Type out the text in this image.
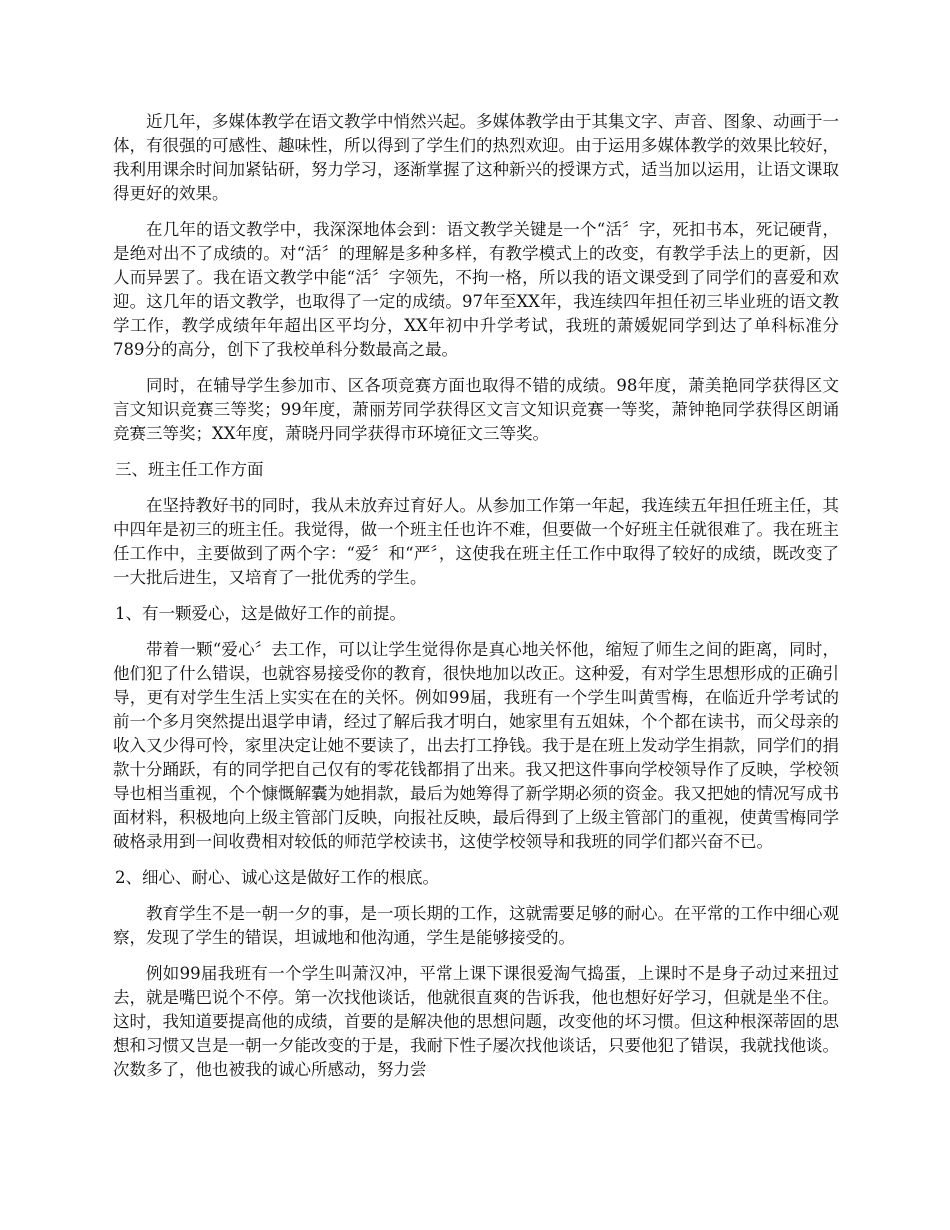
近几年，多媒体教学在语文教学中悄然兴起。多媒体教学由于其集文字、声音、图象、动画于一体，有很强的可感性、趣味性，所以得到了学生们的热烈欢迎。由于运用多媒体教学的效果比较好，我利用课余时间加紧钻研，努力学习，逐渐掌握了这种新兴的授课方式，适当加以运用，让语文课取得更好的效果。

在几年的语文教学中，我深深地体会到：语文教学关键是一个“活〞字，死扣书本，死记硬背，是绝对出不了成绩的。对“活〞的理解是多种多样，有教学模式上的改变，有教学手法上的更新，因人而异罢了。我在语文教学中能“活〞字领先，不拘一格，所以我的语文课受到了同学们的喜爱和欢迎。这几年的语文教学，也取得了一定的成绩。97年至XX年，我连续四年担任初三毕业班的语文教学工作，教学成绩年年超出区平均分，XX年初中升学考试，我班的萧媛妮同学到达了单科标准分789分的高分，创下了我校单科分数最高之最。

同时，在辅导学生参加市、区各项竞赛方面也取得不错的成绩。98年度，萧美艳同学获得区文言文知识竞赛三等奖；99年度，萧丽芳同学获得区文言文知识竞赛一等奖，萧钟艳同学获得区朗诵竞赛三等奖；XX年度，萧晓丹同学获得市环境征文三等奖。

三、班主任工作方面

在坚持教好书的同时，我从未放弃过育好人。从参加工作第一年起，我连续五年担任班主任，其中四年是初三的班主任。我觉得，做一个班主任也许不难，但要做一个好班主任就很难了。我在班主任工作中，主要做到了两个字：“爱〞和“严〞，这使我在班主任工作中取得了较好的成绩，既改变了一大批后进生，又培育了一批优秀的学生。

1、有一颗爱心，这是做好工作的前提。

带着一颗“爱心〞去工作，可以让学生觉得你是真心地关怀他，缩短了师生之间的距离，同时，他们犯了什么错误，也就容易接受你的教育，很快地加以改正。这种爱，有对学生思想形成的正确引导，更有对学生生活上实实在在的关怀。例如99届，我班有一个学生叫黄雪梅，在临近升学考试的前一个多月突然提出退学申请，经过了解后我才明白，她家里有五姐妹，个个都在读书，而父母亲的收入又少得可怜，家里决定让她不要读了，出去打工挣钱。我于是在班上发动学生捐款，同学们的捐款十分踊跃，有的同学把自己仅有的零花钱都捐了出来。我又把这件事向学校领导作了反映，学校领导也相当重视，个个慷慨解囊为她捐款，最后为她筹得了新学期必须的资金。我又把她的情况写成书面材料，积极地向上级主管部门反映，向报社反映，最后得到了上级主管部门的重视，使黄雪梅同学破格录用到一间收费相对较低的师范学校读书，这使学校领导和我班的同学们都兴奋不已。

2、细心、耐心、诚心这是做好工作的根底。

教育学生不是一朝一夕的事，是一项长期的工作，这就需要足够的耐心。在平常的工作中细心观察，发现了学生的错误，坦诚地和他沟通，学生是能够接受的。

例如99届我班有一个学生叫萧汉冲，平常上课下课很爱淘气捣蛋，上课时不是身子动过来扭过去，就是嘴巴说个不停。第一次找他谈话，他就很直爽的告诉我，他也想好好学习，但就是坐不住。这时，我知道要提高他的成绩，首要的是解决他的思想问题，改变他的坏习惯。但这种根深蒂固的思想和习惯又岂是一朝一夕能改变的于是，我耐下性子屡次找他谈话，只要他犯了错误，我就找他谈。次数多了，他也被我的诚心所感动，努力尝
